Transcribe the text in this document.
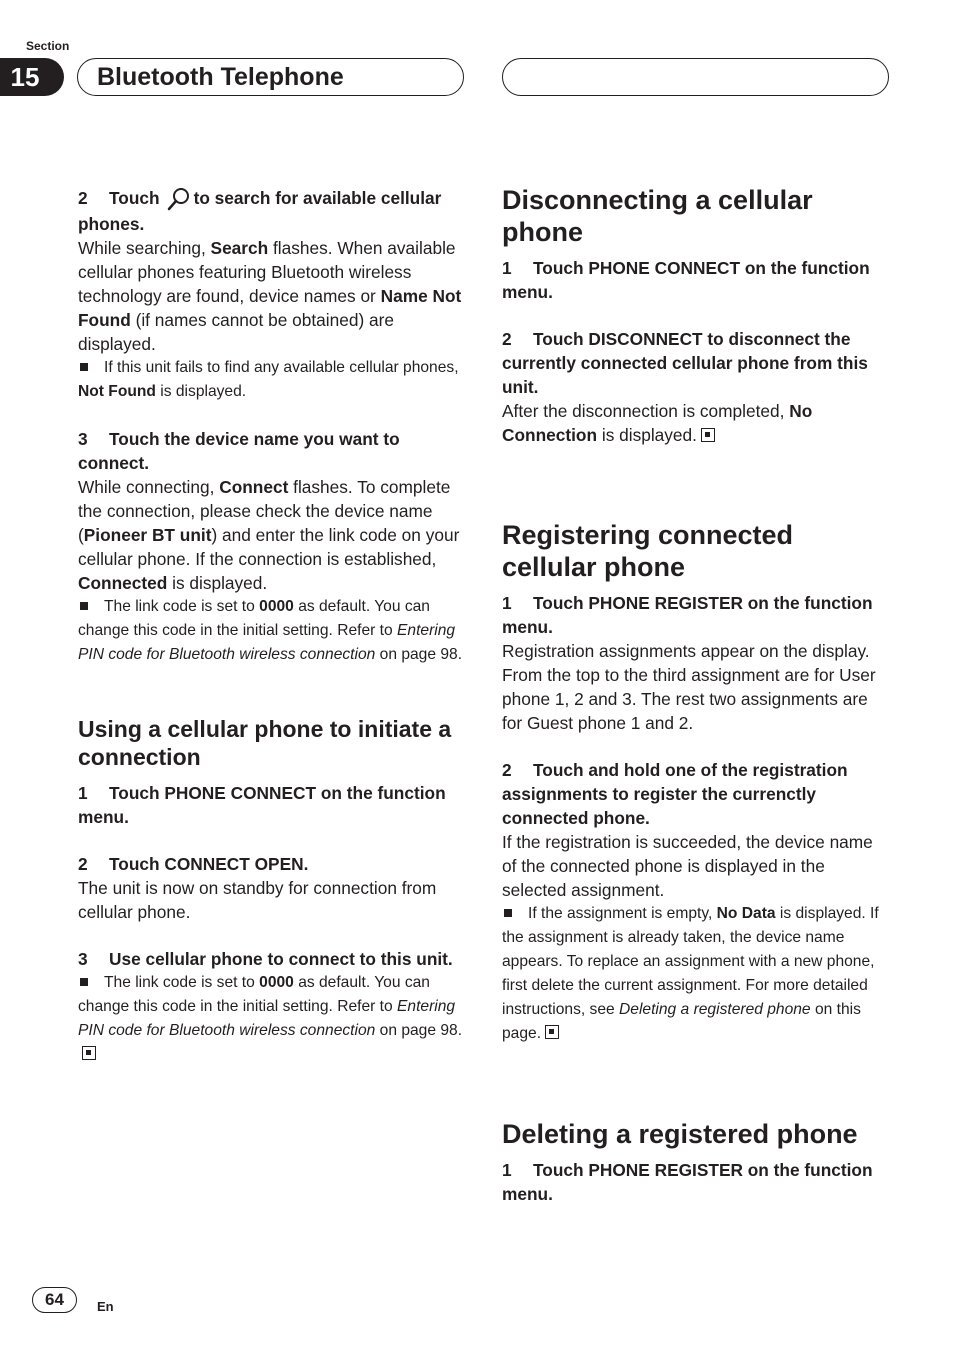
Section
15	Bluetooth Telephone

2 Touch to search for available cellular phones.

While searching, Search flashes. When available cellular phones featuring Bluetooth wireless technology are found, device names or Name Not Found (if names cannot be obtained) are displayed.

If this unit fails to find any available cellular phones, Not Found is displayed.

3 Touch the device name you want to connect.

While connecting, Connect flashes. To complete the connection, please check the device name (Pioneer BT unit) and enter the link code on your cellular phone. If the connection is established, Connected is displayed.

The link code is set to 0000 as default. You can change this code in the initial setting. Refer to Entering PIN code for Bluetooth wireless connection on page 98.

Using a cellular phone to initiate a connection

1 Touch PHONE CONNECT on the function menu.

2 Touch CONNECT OPEN.

The unit is now on standby for connection from cellular phone.

3 Use cellular phone to connect to this unit.

The link code is set to 0000 as default. You can change this code in the initial setting. Refer to Entering PIN code for Bluetooth wireless connection on page 98.

Disconnecting a cellular phone

1 Touch PHONE CONNECT on the function menu.

2 Touch DISCONNECT to disconnect the currently connected cellular phone from this unit.

After the disconnection is completed, No Connection is displayed.

Registering connected cellular phone

1 Touch PHONE REGISTER on the function menu.

Registration assignments appear on the display. From the top to the third assignment are for User phone 1, 2 and 3. The rest two assignments are for Guest phone 1 and 2.

2 Touch and hold one of the registration assignments to register the currenctly connected phone.

If the registration is succeeded, the device name of the connected phone is displayed in the selected assignment.

If the assignment is empty, No Data is displayed. If the assignment is already taken, the device name appears. To replace an assignment with a new phone, first delete the current assignment. For more detailed instructions, see Deleting a registered phone on this page.

Deleting a registered phone

1 Touch PHONE REGISTER on the function menu.

64	En
